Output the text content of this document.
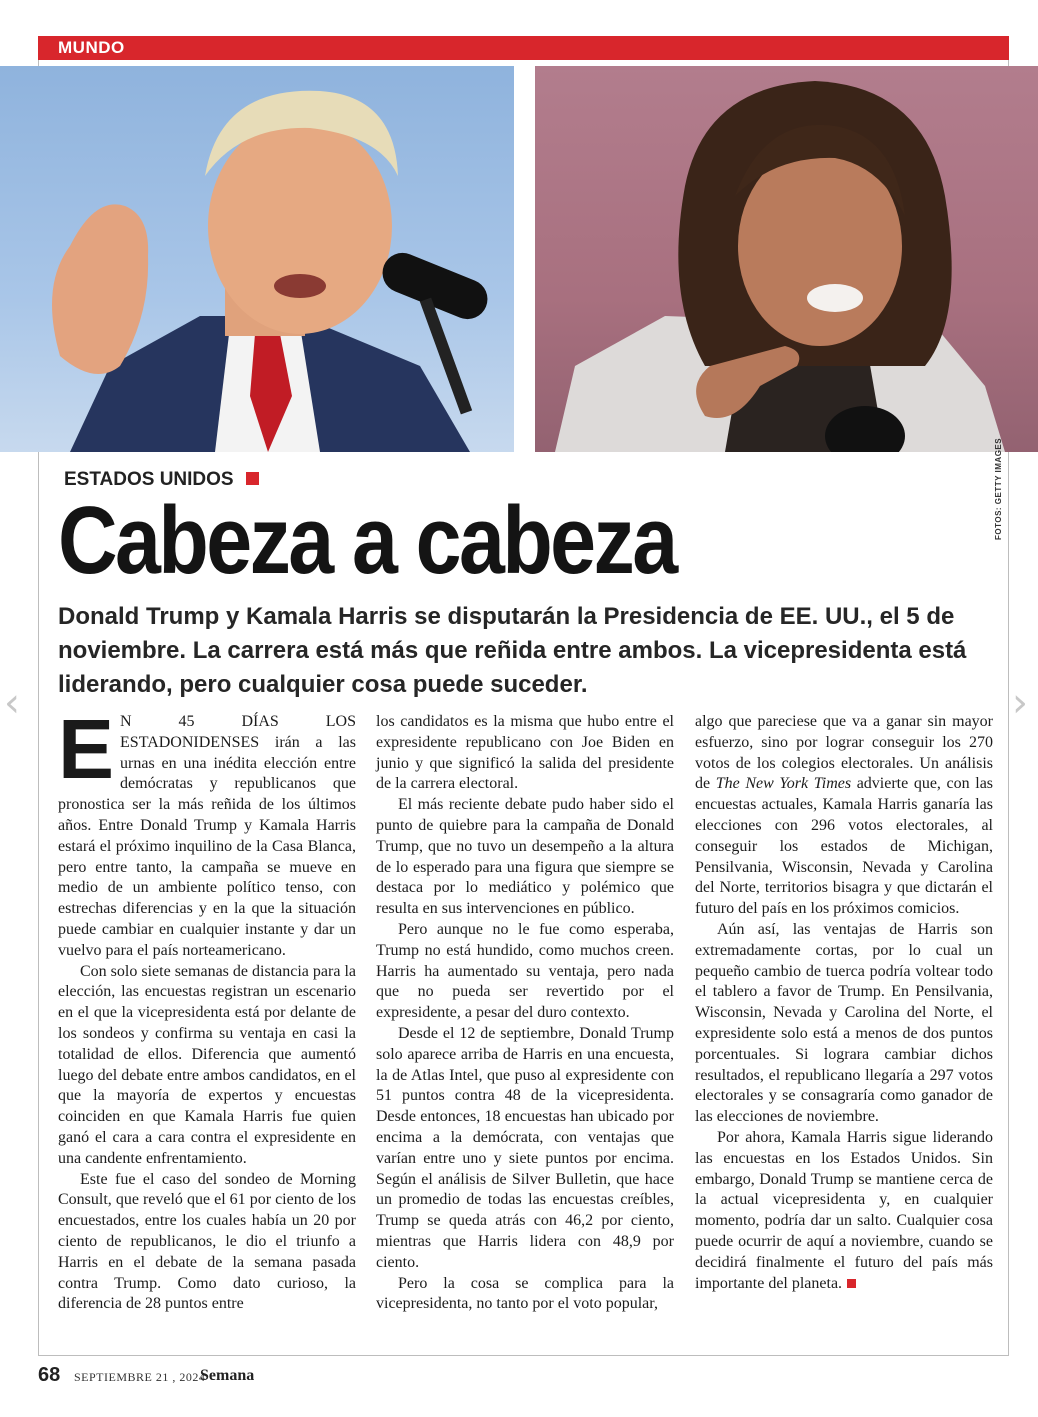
MUNDO
ESTADOS UNIDOS
Cabeza a cabeza	FOTOS: GETTY IMAGES
Donald Trump y Kamala Harris se disputarán la Presidencia de EE. UU., el 5 de noviembre. La carrera está más que reñida entre ambos. La vicepresidenta está liderando, pero cualquier cosa puede suceder.
‹	›

E N 45 DÍAS LOS ESTADONIDENSES irán a las urnas en una inédita elección entre demócratas y republicanos que pronostica ser la más reñida de los últimos años. Entre Donald Trump y Kamala Harris estará el próximo inquilino de la Casa Blanca, pero entre tanto, la campaña se mueve en medio de un ambiente político tenso, con estrechas diferencias y en la que la situación puede cambiar en cualquier instante y dar un vuelvo para el país norteamericano.

Con solo siete semanas de distancia para la elección, las encuestas registran un escenario en el que la vicepresidenta está por delante de los sondeos y confirma su ventaja en casi la totalidad de ellos. Diferencia que aumentó luego del debate entre ambos candidatos, en el que la mayoría de expertos y encuestas coinciden en que Kamala Harris fue quien ganó el cara a cara contra el expresidente en una candente enfrentamiento.

Este fue el caso del sondeo de Morning Consult, que reveló que el 61 por ciento de los encuestados, entre los cuales había un 20 por ciento de republicanos, le dio el triunfo a Harris en el debate de la semana pasada contra Trump. Como dato curioso, la diferencia de 28 puntos entre

los candidatos es la misma que hubo entre el expresidente republicano con Joe Biden en junio y que significó la salida del presidente de la carrera electoral.

El más reciente debate pudo haber sido el punto de quiebre para la campaña de Donald Trump, que no tuvo un desempeño a la altura de lo esperado para una figura que siempre se destaca por lo mediático y polémico que resulta en sus intervenciones en público.

Pero aunque no le fue como esperaba, Trump no está hundido, como muchos creen. Harris ha aumentado su ventaja, pero nada que no pueda ser revertido por el expresidente, a pesar del duro contexto.

Desde el 12 de septiembre, Donald Trump solo aparece arriba de Harris en una encuesta, la de Atlas Intel, que puso al expresidente con 51 puntos contra 48 de la vicepresidenta. Desde entonces, 18 encuestas han ubicado por encima a la demócrata, con ventajas que varían entre uno y siete puntos por encima. Según el análisis de Silver Bulletin, que hace un promedio de todas las encuestas creíbles, Trump se queda atrás con 46,2 por ciento, mientras que Harris lidera con 48,9 por ciento.

Pero la cosa se complica para la vicepresidenta, no tanto por el voto popular,

algo que pareciese que va a ganar sin mayor esfuerzo, sino por lograr conseguir los 270 votos de los colegios electorales. Un análisis de The New York Times advierte que, con las encuestas actuales, Kamala Harris ganaría las elecciones con 296 votos electorales, al conseguir los estados de Michigan, Pensilvania, Wisconsin, Nevada y Carolina del Norte, territorios bisagra y que dictarán el futuro del país en los próximos comicios.

Aún así, las ventajas de Harris son extremadamente cortas, por lo cual un pequeño cambio de tuerca podría voltear todo el tablero a favor de Trump. En Pensilvania, Wisconsin, Nevada y Carolina del Norte, el expresidente solo está a menos de dos puntos porcentuales. Si lograra cambiar dichos resultados, el republicano llegaría a 297 votos electorales y se consagraría como ganador de las elecciones de noviembre.

Por ahora, Kamala Harris sigue liderando las encuestas en los Estados Unidos. Sin embargo, Donald Trump se mantiene cerca de la actual vicepresidenta y, en cualquier momento, podría dar un salto. Cualquier cosa puede ocurrir de aquí a noviembre, cuando se decidirá finalmente el futuro del país más importante del planeta.

68 SEPTIEMBRE 21 , 2024
Semana
